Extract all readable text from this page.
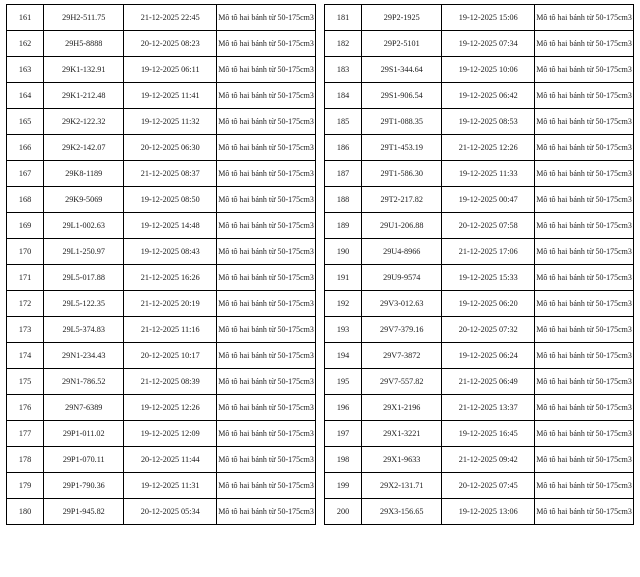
161	29H2-511.75	21-12-2025 22:45	Mô tô hai bánh từ 50-175cm3
162	29H5-8888	20-12-2025 08:23	Mô tô hai bánh từ 50-175cm3
163	29K1-132.91	19-12-2025 06:11	Mô tô hai bánh từ 50-175cm3
164	29K1-212.48	19-12-2025 11:41	Mô tô hai bánh từ 50-175cm3
165	29K2-122.32	19-12-2025 11:32	Mô tô hai bánh từ 50-175cm3
166	29K2-142.07	20-12-2025 06:30	Mô tô hai bánh từ 50-175cm3
167	29K8-1189	21-12-2025 08:37	Mô tô hai bánh từ 50-175cm3
168	29K9-5069	19-12-2025 08:50	Mô tô hai bánh từ 50-175cm3
169	29L1-002.63	19-12-2025 14:48	Mô tô hai bánh từ 50-175cm3
170	29L1-250.97	19-12-2025 08:43	Mô tô hai bánh từ 50-175cm3
171	29L5-017.88	21-12-2025 16:26	Mô tô hai bánh từ 50-175cm3
172	29L5-122.35	21-12-2025 20:19	Mô tô hai bánh từ 50-175cm3
173	29L5-374.83	21-12-2025 11:16	Mô tô hai bánh từ 50-175cm3
174	29N1-234.43	20-12-2025 10:17	Mô tô hai bánh từ 50-175cm3
175	29N1-786.52	21-12-2025 08:39	Mô tô hai bánh từ 50-175cm3
176	29N7-6389	19-12-2025 12:26	Mô tô hai bánh từ 50-175cm3
177	29P1-011.02	19-12-2025 12:09	Mô tô hai bánh từ 50-175cm3
178	29P1-070.11	20-12-2025 11:44	Mô tô hai bánh từ 50-175cm3
179	29P1-790.36	19-12-2025 11:31	Mô tô hai bánh từ 50-175cm3
180	29P1-945.82	20-12-2025 05:34	Mô tô hai bánh từ 50-175cm3
181	29P2-1925	19-12-2025 15:06	Mô tô hai bánh từ 50-175cm3
182	29P2-5101	19-12-2025 07:34	Mô tô hai bánh từ 50-175cm3
183	29S1-344.64	19-12-2025 10:06	Mô tô hai bánh từ 50-175cm3
184	29S1-906.54	19-12-2025 06:42	Mô tô hai bánh từ 50-175cm3
185	29T1-088.35	19-12-2025 08:53	Mô tô hai bánh từ 50-175cm3
186	29T1-453.19	21-12-2025 12:26	Mô tô hai bánh từ 50-175cm3
187	29T1-586.30	19-12-2025 11:33	Mô tô hai bánh từ 50-175cm3
188	29T2-217.82	19-12-2025 00:47	Mô tô hai bánh từ 50-175cm3
189	29U1-206.88	20-12-2025 07:58	Mô tô hai bánh từ 50-175cm3
190	29U4-8966	21-12-2025 17:06	Mô tô hai bánh từ 50-175cm3
191	29U9-9574	19-12-2025 15:33	Mô tô hai bánh từ 50-175cm3
192	29V3-012.63	19-12-2025 06:20	Mô tô hai bánh từ 50-175cm3
193	29V7-379.16	20-12-2025 07:32	Mô tô hai bánh từ 50-175cm3
194	29V7-3872	19-12-2025 06:24	Mô tô hai bánh từ 50-175cm3
195	29V7-557.82	21-12-2025 06:49	Mô tô hai bánh từ 50-175cm3
196	29X1-2196	21-12-2025 13:37	Mô tô hai bánh từ 50-175cm3
197	29X1-3221	19-12-2025 16:45	Mô tô hai bánh từ 50-175cm3
198	29X1-9633	21-12-2025 09:42	Mô tô hai bánh từ 50-175cm3
199	29X2-131.71	20-12-2025 07:45	Mô tô hai bánh từ 50-175cm3
200	29X3-156.65	19-12-2025 13:06	Mô tô hai bánh từ 50-175cm3
